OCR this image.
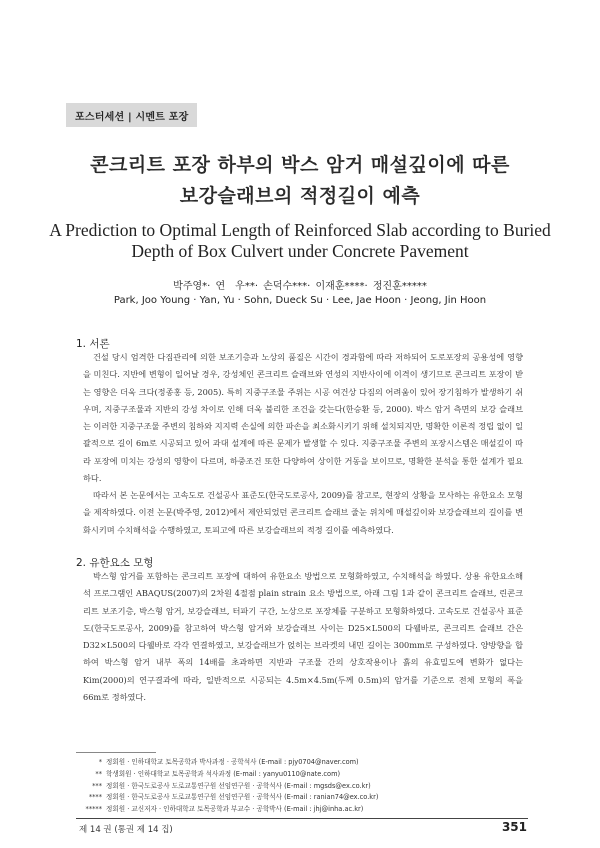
포스터세션 | 시멘트 포장
콘크리트 포장 하부의 박스 암거 매설깊이에 따른
보강슬래브의 적정길이 예측
A Prediction to Optimal Length of Reinforced Slab according to Buried
Depth of Box Culvert under Concrete Pavement
박주영*· 연　우**· 손덕수***· 이재훈****· 정진훈*****
Park, Joo Young · Yan, Yu · Sohn, Dueck Su · Lee, Jae Hoon · Jeong, Jin Hoon
1. 서론

건설 당시 엄격한 다짐관리에 의한 보조기층과 노상의 품질은 시간이 경과함에 따라 저하되어 도로포장의 공용성에 영향을 미친다. 지반에 변형이 일어날 경우, 강성체인 콘크리트 슬래브와 연성의 지반사이에 이격이 생기므로 콘크리트 포장이 받는 영향은 더욱 크다(정종홍 등, 2005). 특히 지중구조물 주위는 시공 여건상 다짐의 어려움이 있어 장기침하가 발생하기 쉬우며, 지중구조물과 지반의 강성 차이로 인해 더욱 불리한 조건을 갖는다(한승환 등, 2000). 박스 암거 측면의 보강 슬래브는 이러한 지중구조물 주변의 침하와 지지력 손실에 의한 파손을 최소화시키기 위해 설치되지만, 명확한 이론적 정립 없이 일괄적으로 길이 6m로 시공되고 있어 과대 설계에 따른 문제가 발생할 수 있다. 지중구조물 주변의 포장시스템은 매설깊이 따라 포장에 미치는 강성의 영향이 다르며, 하중조건 또한 다양하여 상이한 거동을 보이므로, 명확한 분석을 통한 설계가 필요하다.

따라서 본 논문에서는 고속도로 건설공사 표준도(한국도로공사, 2009)를 참고로, 현장의 상황을 모사하는 유한요소 모형을 제작하였다. 이전 논문(박주영, 2012)에서 제안되었던 콘크리트 슬래브 줄눈 위치에 매설깊이와 보강슬래브의 길이를 변화시키며 수치해석을 수행하였고, 토피고에 따른 보강슬래브의 적정 길이를 예측하였다.

2. 유한요소 모형

박스형 암거를 포함하는 콘크리트 포장에 대하여 유한요소 방법으로 모형화하였고, 수치해석을 하였다. 상용 유한요소해석 프로그램인 ABAQUS(2007)의 2차원 4절점 plain strain 요소 방법으로, 아래 그림 1과 같이 콘크리트 슬래브, 린콘크리트 보조기층, 박스형 암거, 보강슬래브, 터파기 구간, 노상으로 포장체를 구분하고 모형화하였다. 고속도로 건설공사 표준도(한국도로공사, 2009)를 참고하여 박스형 암거와 보강슬래브 사이는 D25×L500의 다웰바로, 콘크리트 슬래브 간은 D32×L500의 다웰바로 각각 연결하였고, 보강슬래브가 얹히는 브라켓의 내민 길이는 300mm로 구성하였다. 양방향을 합하여 박스형 암거 내부 폭의 14배를 초과하면 지반과 구조물 간의 상호작용이나 흙의 유효밀도에 변화가 없다는 Kim(2000)의 연구결과에 따라, 일반적으로 시공되는 4.5m×4.5m(두께 0.5m)의 암거를 기준으로 전체 모형의 폭을 66m로 정하였다.

* 정회원 · 인하대학교 토목공학과 박사과정 · 공학석사 (E-mail : pjy0704@naver.com)
** 학생회원 · 인하대학교 토목공학과 석사과정 (E-mail : yanyu0110@nate.com)
*** 정회원 · 한국도로공사 도로교통연구원 선임연구원 · 공학석사 (E-mail : mgsds@ex.co.kr)
**** 정회원 · 한국도로공사 도로교통연구원 선임연구원 · 공학석사 (E-mail : ranian74@ex.co.kr)
***** 정회원 · 교신저자 · 인하대학교 토목공학과 부교수 · 공학박사 (E-mail : jhj@inha.ac.kr)
제 14 권 (통권 제 14 집)	351
